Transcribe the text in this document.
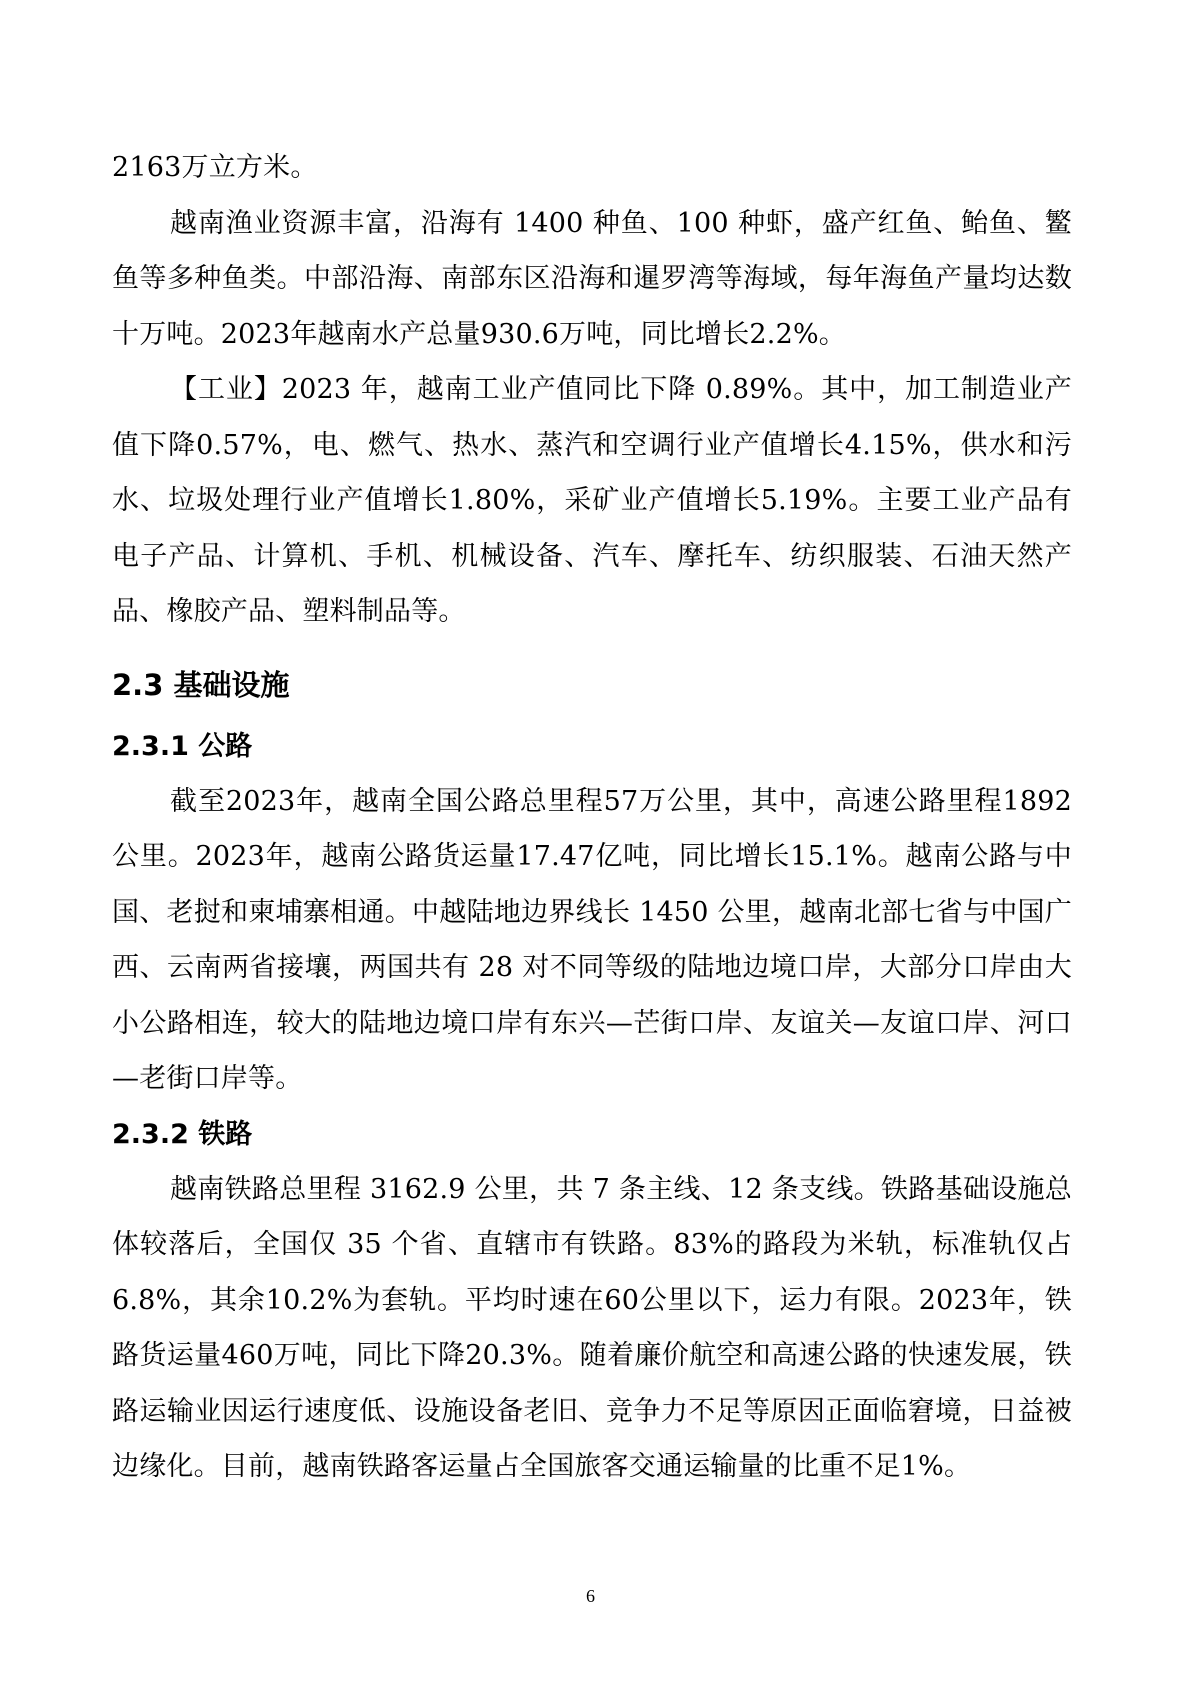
2163万立方米。

越南渔业资源丰富，沿海有 1400 种鱼、100 种虾，盛产红鱼、鲐鱼、鳘鱼等多种鱼类。中部沿海、南部东区沿海和暹罗湾等海域，每年海鱼产量均达数十万吨。2023年越南水产总量930.6万吨，同比增长2.2%。

【工业】2023 年，越南工业产值同比下降 0.89%。其中，加工制造业产值下降0.57%，电、燃气、热水、蒸汽和空调行业产值增长4.15%，供水和污水、垃圾处理行业产值增长1.80%，采矿业产值增长5.19%。主要工业产品有电子产品、计算机、手机、机械设备、汽车、摩托车、纺织服装、石油天然产品、橡胶产品、塑料制品等。

2.3 基础设施
2.3.1 公路

截至2023年，越南全国公路总里程57万公里，其中，高速公路里程1892公里。2023年，越南公路货运量17.47亿吨，同比增长15.1%。越南公路与中国、老挝和柬埔寨相通。中越陆地边界线长 1450 公里，越南北部七省与中国广西、云南两省接壤，两国共有 28 对不同等级的陆地边境口岸，大部分口岸由大小公路相连，较大的陆地边境口岸有东兴—芒街口岸、友谊关—友谊口岸、河口—老街口岸等。

2.3.2 铁路

越南铁路总里程 3162.9 公里，共 7 条主线、12 条支线。铁路基础设施总体较落后，全国仅 35 个省、直辖市有铁路。83%的路段为米轨，标准轨仅占6.8%，其余10.2%为套轨。平均时速在60公里以下，运力有限。2023年，铁路货运量460万吨，同比下降20.3%。随着廉价航空和高速公路的快速发展，铁路运输业因运行速度低、设施设备老旧、竞争力不足等原因正面临窘境，日益被边缘化。目前，越南铁路客运量占全国旅客交通运输量的比重不足1%。

6
